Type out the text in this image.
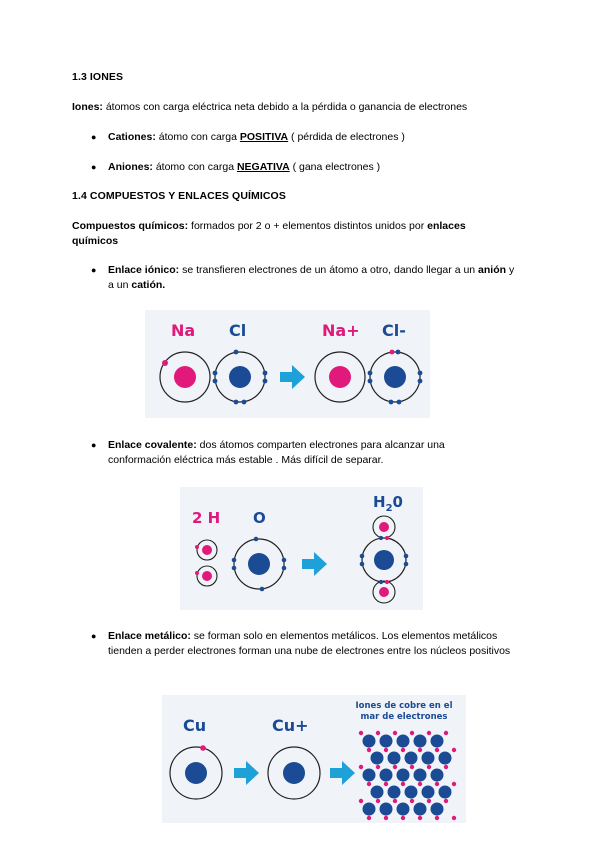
1.3 IONES
Iones: átomos con carga eléctrica neta debido a la pérdida o ganancia de electrones
● Cationes: átomo con carga POSITIVA ( pérdida de electrones )
● Aniones: átomo con carga NEGATIVA ( gana electrones )
1.4 COMPUESTOS Y ENLACES QUÍMICOS
Compuestos químicos: formados por 2 o + elementos distintos unidos por enlaces químicos
● Enlace iónico: se transfieren electrones de un átomo a otro, dando llegar a un anión y a un catión.
Na Cl	Na+ Cl-
● Enlace covalente: dos átomos comparten electrones para alcanzar una conformación eléctrica más estable . Más difícil de separar.
2 H O
$H_20$
● Enlace metálico: se forman solo en elementos metálicos. Los elementos metálicos tienden a perder electrones forman una nube de electrones entre los núcleos positivos
Cu	Cu+
Iones de cobre en el
mar de electrones
